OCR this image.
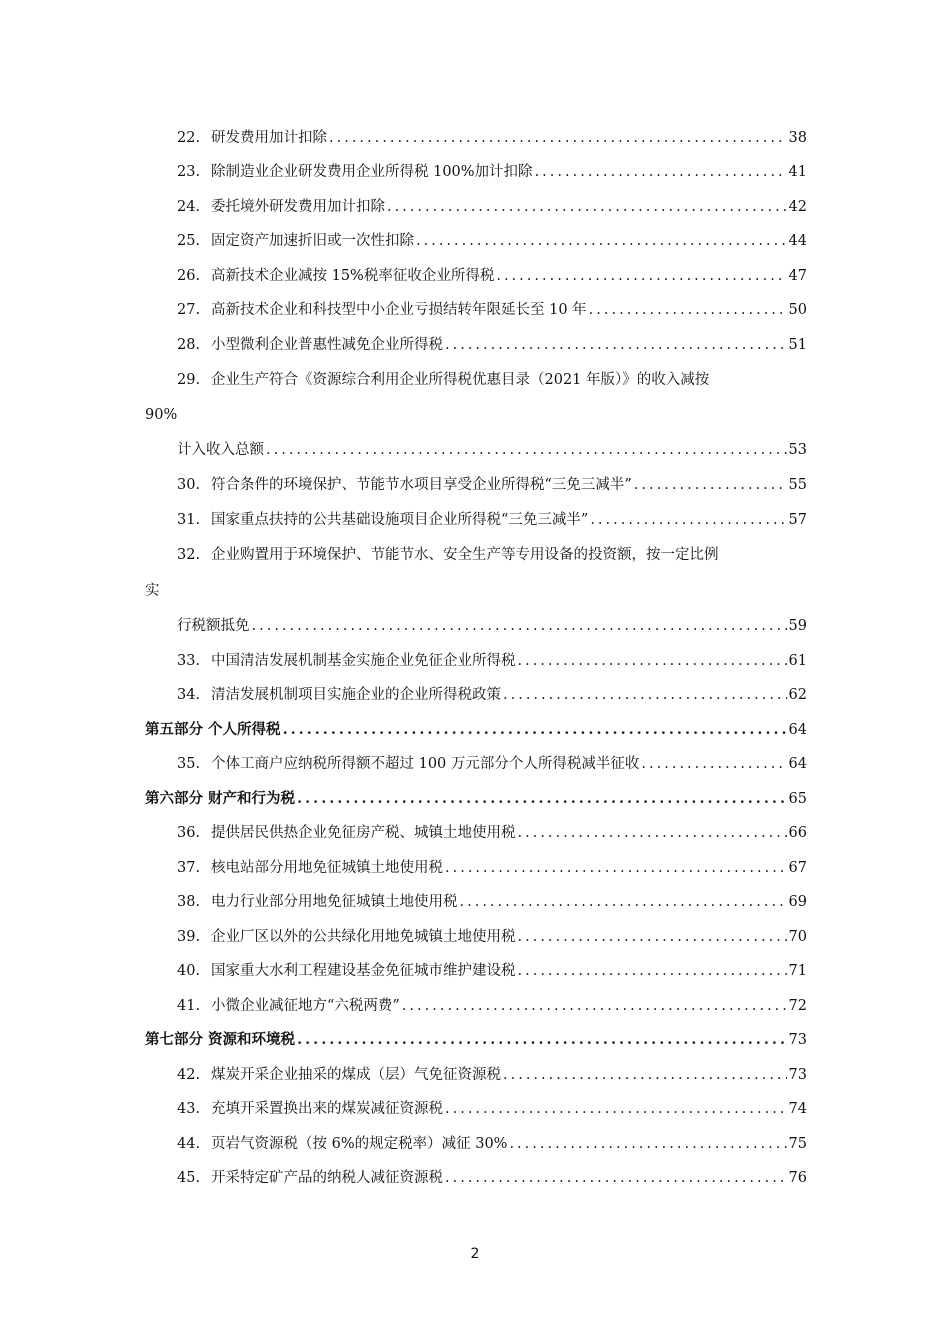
22. 研发费用加计扣除 .....	38
23. 除制造业企业研发费用企业所得税 100%加计扣除 .....	41
24. 委托境外研发费用加计扣除 .....	42
25. 固定资产加速折旧或一次性扣除 .....	44
26. 高新技术企业减按 15%税率征收企业所得税 .....	47
27. 高新技术企业和科技型中小企业亏损结转年限延长至 10 年 .....	50
28. 小型微利企业普惠性减免企业所得税 .....	51
29. 企业生产符合《资源综合利用企业所得税优惠目录（2021 年版）》的收入减按
90%
计入收入总额 .....	53
30. 符合条件的环境保护、节能节水项目享受企业所得税“三免三减半” .....	55
31. 国家重点扶持的公共基础设施项目企业所得税“三免三减半” .....	57
32. 企业购置用于环境保护、节能节水、安全生产等专用设备的投资额，按一定比例
实
行税额抵免 .....	59
33. 中国清洁发展机制基金实施企业免征企业所得税 .....	61
34. 清洁发展机制项目实施企业的企业所得税政策 .....	62
第五部分 个人所得税 .....	64
35. 个体工商户应纳税所得额不超过 100 万元部分个人所得税减半征收 .....	64
第六部分 财产和行为税 .....	65
36. 提供居民供热企业免征房产税、城镇土地使用税 .....	66
37. 核电站部分用地免征城镇土地使用税 .....	67
38. 电力行业部分用地免征城镇土地使用税 .....	69
39. 企业厂区以外的公共绿化用地免城镇土地使用税 .....	70
40. 国家重大水利工程建设基金免征城市维护建设税 .....	71
41. 小微企业减征地方“六税两费” .....	72
第七部分 资源和环境税 .....	73
42. 煤炭开采企业抽采的煤成（层）气免征资源税 .....	73
43. 充填开采置换出来的煤炭减征资源税 .....	74
44. 页岩气资源税（按 6%的规定税率）减征 30% .....	75
45. 开采特定矿产品的纳税人减征资源税 .....	76
2
